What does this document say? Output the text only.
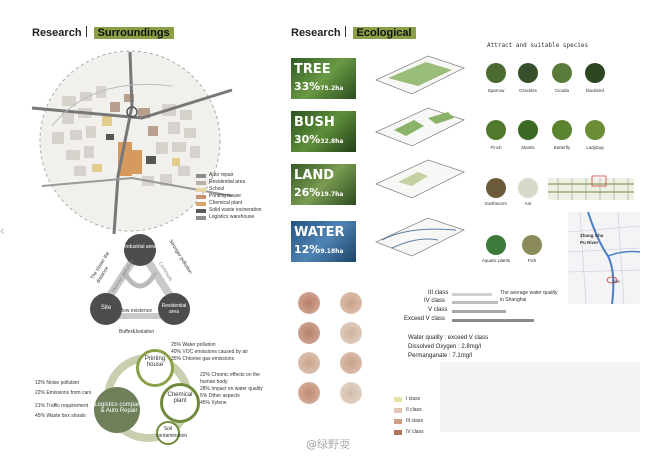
Research Surroundings
‹
Auto repair
Residential area
School
Printing house
Chemical plant
Solid waste incineration
Logistics warehouse
Industrial area
Site	Residential area
The closer the distance	Stronger pollution
low existence
Buffer&Isolation
Heavier pollution	Commute
Printing house
Chemical plant
Logistics company & Auto Repair
Soil contamination
25% Water pollution
40% VOC emissions caused by air
35% Chlorine gas emissions
22% Chronic effects on the human body
28% Impact on water quality
5% Other aspects
45% Xylene
12% Noise pollution
22% Emissions from cars
21% Traffic requirement
45% Waste box shoals
Research Ecological
Attract and suitable species
TREE
33%75.2ha
BUSH
30%32.8ha
LAND
26%19.7ha
WATER
12%9.18ha
Sparrow	Grackles	Cicada	blackbird
Finch	Mantis	Butterfly	Ladybug
Earthworm	Ant
Aquatic plants	Fish
Zhang Cha Pu River
Site
III class
IV class
V class
Exceed V class
The average water quality in Shanghai
Water quality : exceed V class
Dissolved Oxygen : 2.8mg/l
Permanganate : 7.1mg/l
I class
II class
III class
IV class
@绿野耍
